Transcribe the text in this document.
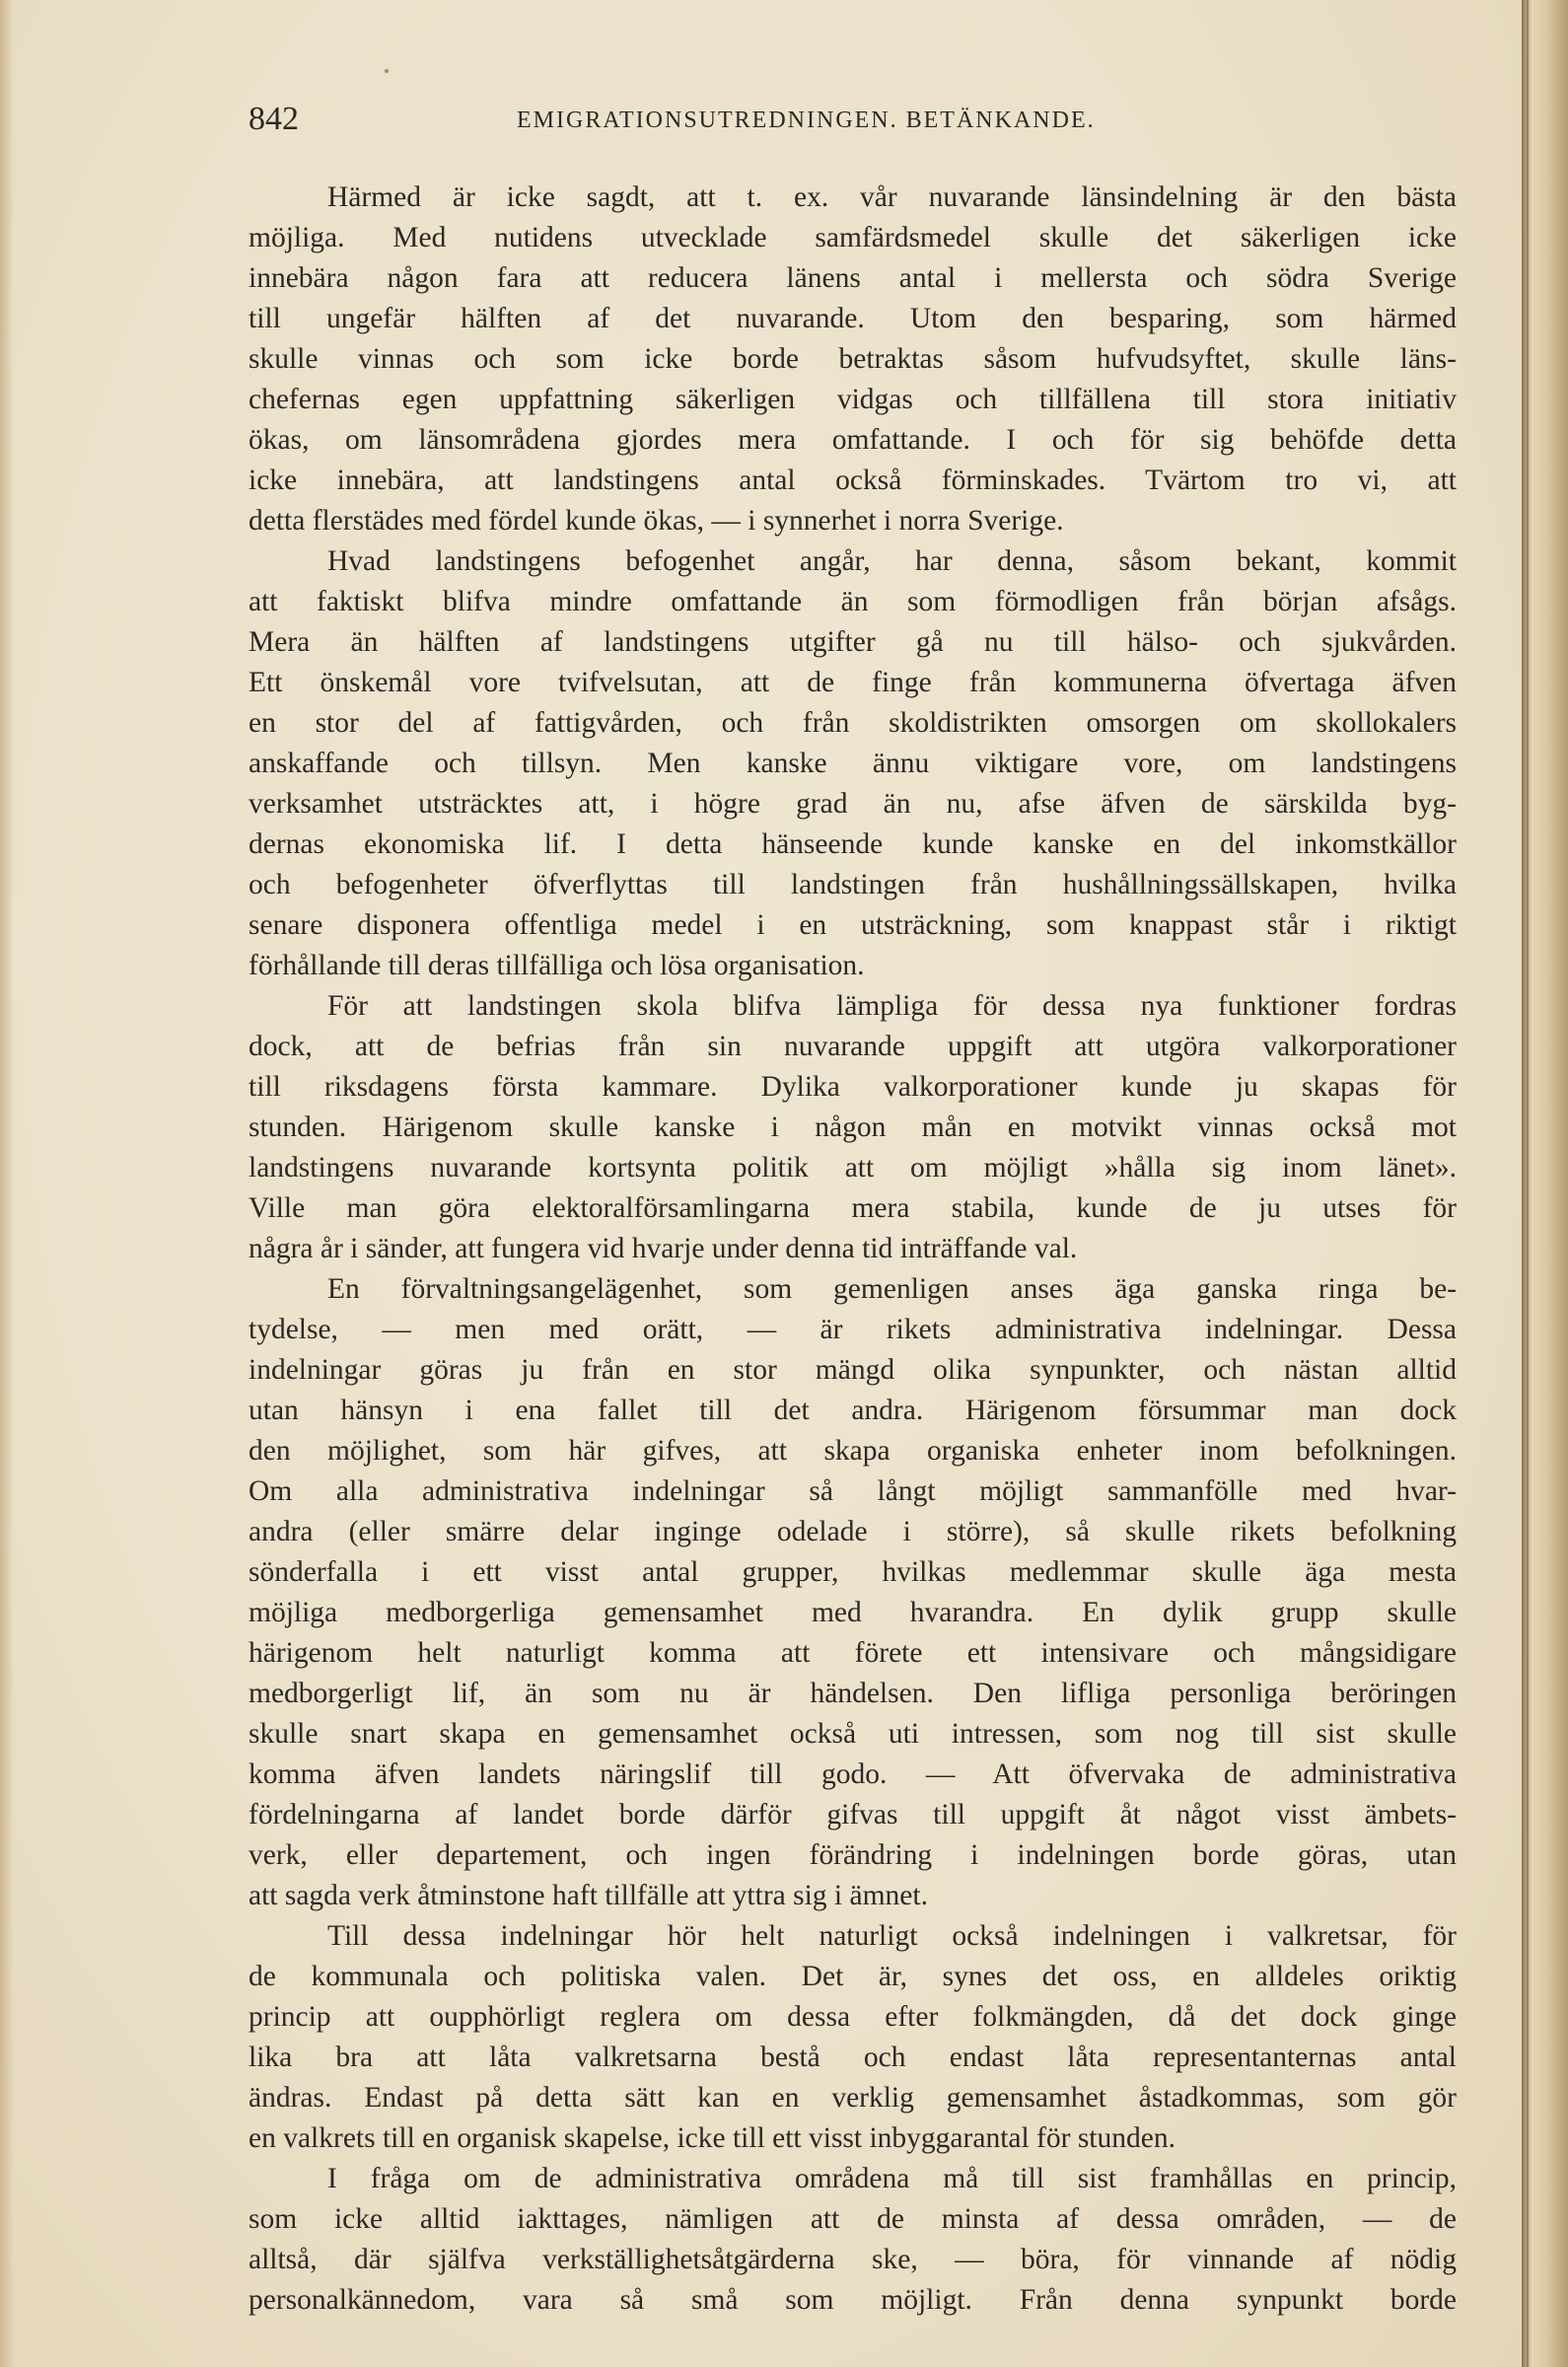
842	EMIGRATIONSUTREDNINGEN. BETÄNKANDE.
Härmed är icke sagdt, att t. ex. vår nuvarande länsindelning är den bästa
möjliga. Med nutidens utvecklade samfärdsmedel skulle det säkerligen icke
innebära någon fara att reducera länens antal i mellersta och södra Sverige
till ungefär hälften af det nuvarande. Utom den besparing, som härmed
skulle vinnas och som icke borde betraktas såsom hufvudsyftet, skulle läns-
chefernas egen uppfattning säkerligen vidgas och tillfällena till stora initiativ
ökas, om länsområdena gjordes mera omfattande. I och för sig behöfde detta
icke innebära, att landstingens antal också förminskades. Tvärtom tro vi, att
detta flerstädes med fördel kunde ökas, — i synnerhet i norra Sverige.
Hvad landstingens befogenhet angår, har denna, såsom bekant, kommit
att faktiskt blifva mindre omfattande än som förmodligen från början afsågs.
Mera än hälften af landstingens utgifter gå nu till hälso- och sjukvården.
Ett önskemål vore tvifvelsutan, att de finge från kommunerna öfvertaga äfven
en stor del af fattigvården, och från skoldistrikten omsorgen om skollokalers
anskaffande och tillsyn. Men kanske ännu viktigare vore, om landstingens
verksamhet utsträcktes att, i högre grad än nu, afse äfven de särskilda byg-
dernas ekonomiska lif. I detta hänseende kunde kanske en del inkomstkällor
och befogenheter öfverflyttas till landstingen från hushållningssällskapen, hvilka
senare disponera offentliga medel i en utsträckning, som knappast står i riktigt
förhållande till deras tillfälliga och lösa organisation.
För att landstingen skola blifva lämpliga för dessa nya funktioner fordras
dock, att de befrias från sin nuvarande uppgift att utgöra valkorporationer
till riksdagens första kammare. Dylika valkorporationer kunde ju skapas för
stunden. Härigenom skulle kanske i någon mån en motvikt vinnas också mot
landstingens nuvarande kortsynta politik att om möjligt »hålla sig inom länet».
Ville man göra elektoralförsamlingarna mera stabila, kunde de ju utses för
några år i sänder, att fungera vid hvarje under denna tid inträffande val.
En förvaltningsangelägenhet, som gemenligen anses äga ganska ringa be-
tydelse, — men med orätt, — är rikets administrativa indelningar. Dessa
indelningar göras ju från en stor mängd olika synpunkter, och nästan alltid
utan hänsyn i ena fallet till det andra. Härigenom försummar man dock
den möjlighet, som här gifves, att skapa organiska enheter inom befolkningen.
Om alla administrativa indelningar så långt möjligt sammanfölle med hvar-
andra (eller smärre delar inginge odelade i större), så skulle rikets befolkning
sönderfalla i ett visst antal grupper, hvilkas medlemmar skulle äga mesta
möjliga medborgerliga gemensamhet med hvarandra. En dylik grupp skulle
härigenom helt naturligt komma att förete ett intensivare och mångsidigare
medborgerligt lif, än som nu är händelsen. Den lifliga personliga beröringen
skulle snart skapa en gemensamhet också uti intressen, som nog till sist skulle
komma äfven landets näringslif till godo. — Att öfvervaka de administrativa
fördelningarna af landet borde därför gifvas till uppgift åt något visst ämbets-
verk, eller departement, och ingen förändring i indelningen borde göras, utan
att sagda verk åtminstone haft tillfälle att yttra sig i ämnet.
Till dessa indelningar hör helt naturligt också indelningen i valkretsar, för
de kommunala och politiska valen. Det är, synes det oss, en alldeles oriktig
princip att oupphörligt reglera om dessa efter folkmängden, då det dock ginge
lika bra att låta valkretsarna bestå och endast låta representanternas antal
ändras. Endast på detta sätt kan en verklig gemensamhet åstadkommas, som gör
en valkrets till en organisk skapelse, icke till ett visst inbyggarantal för stunden.
I fråga om de administrativa områdena må till sist framhållas en princip,
som icke alltid iakttages, nämligen att de minsta af dessa områden, — de
alltså, där själfva verkställighetsåtgärderna ske, — böra, för vinnande af nödig
personalkännedom, vara så små som möjligt. Från denna synpunkt borde
